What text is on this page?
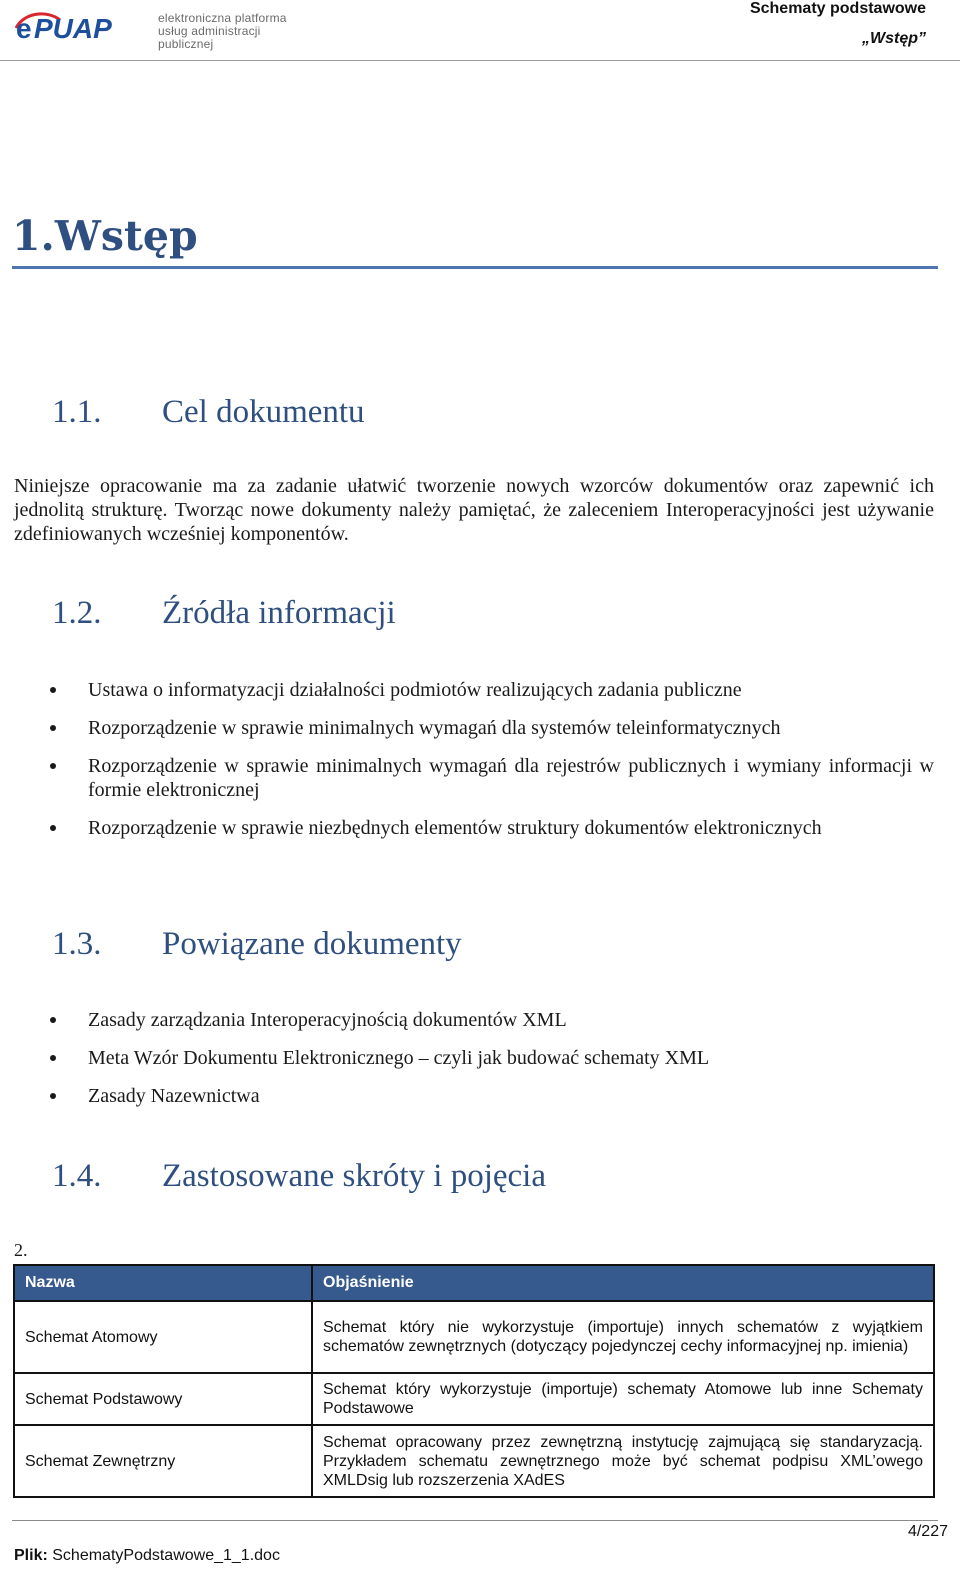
e PUAP	elektroniczna platforma
usług administracji publicznej
Schematy podstawowe
„Wstęp”
1.Wstęp
1.1. Cel dokumentu
Niniejsze opracowanie ma za zadanie ułatwić tworzenie nowych wzorców dokumentów oraz zapewnić ich jednolitą strukturę. Tworząc nowe dokumenty należy pamiętać, że zaleceniem Interoperacyjności jest używanie zdefiniowanych wcześniej komponentów.
1.2. Źródła informacji
Ustawa o informatyzacji działalności podmiotów realizujących zadania publiczne
Rozporządzenie w sprawie minimalnych wymagań dla systemów teleinformatycznych
Rozporządzenie w sprawie minimalnych wymagań dla rejestrów publicznych i wymiany informacji w formie elektronicznej
Rozporządzenie w sprawie niezbędnych elementów struktury dokumentów elektronicznych
1.3. Powiązane dokumenty
Zasady zarządzania Interoperacyjnością dokumentów XML
Meta Wzór Dokumentu Elektronicznego – czyli jak budować schematy XML
Zasady Nazewnictwa
1.4. Zastosowane skróty i pojęcia
2.
Nazwa	Objaśnienie
Schemat Atomowy	Schemat który nie wykorzystuje (importuje) innych schematów z wyjątkiem schematów zewnętrznych (dotyczący pojedynczej cechy informacyjnej np. imienia)
Schemat Podstawowy	Schemat który wykorzystuje (importuje) schematy Atomowe lub inne Schematy Podstawowe
Schemat Zewnętrzny	Schemat opracowany przez zewnętrzną instytucję zajmującą się standaryzacją. Przykładem schematu zewnętrznego może być schemat podpisu XML’owego XMLDsig lub rozszerzenia XAdES
Plik: SchematyPodstawowe_1_1.doc
4/227
